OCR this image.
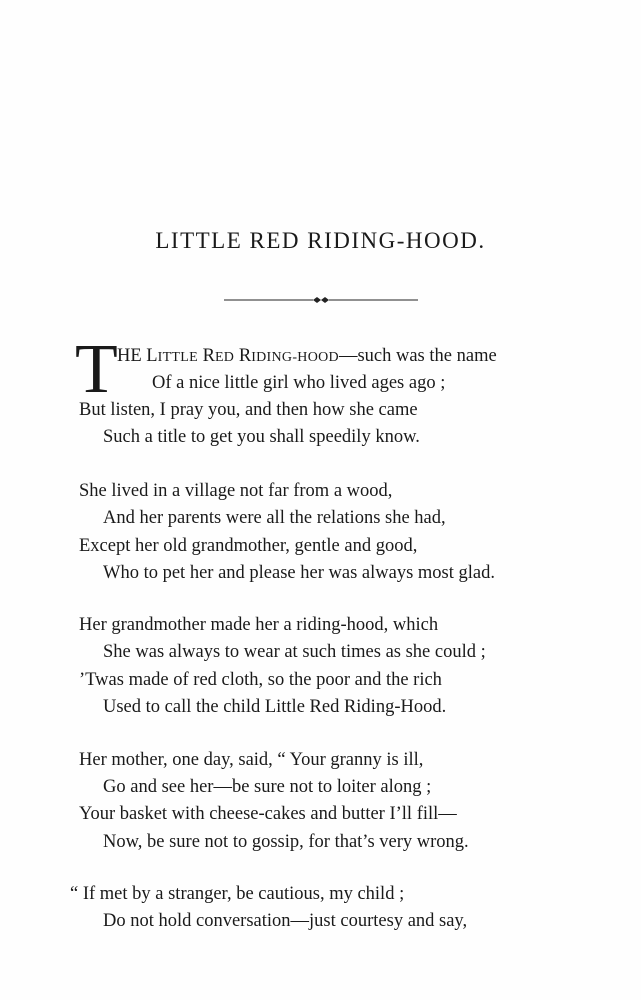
LITTLE RED RIDING-HOOD.
T HE LITTLE RED RIDING-HOOD—such was the name
Of a nice little girl who lived ages ago ;
But listen, I pray you, and then how she came
Such a title to get you shall speedily know.
She lived in a village not far from a wood,
And her parents were all the relations she had,
Except her old grandmother, gentle and good,
Who to pet her and please her was always most glad.
Her grandmother made her a riding-hood, which
She was always to wear at such times as she could ;
’Twas made of red cloth, so the poor and the rich
Used to call the child Little Red Riding-Hood.
Her mother, one day, said, “ Your granny is ill,
Go and see her—be sure not to loiter along ;
Your basket with cheese-cakes and butter I’ll fill—
Now, be sure not to gossip, for that’s very wrong.
“ If met by a stranger, be cautious, my child ;
Do not hold conversation—just courtesy and say,
